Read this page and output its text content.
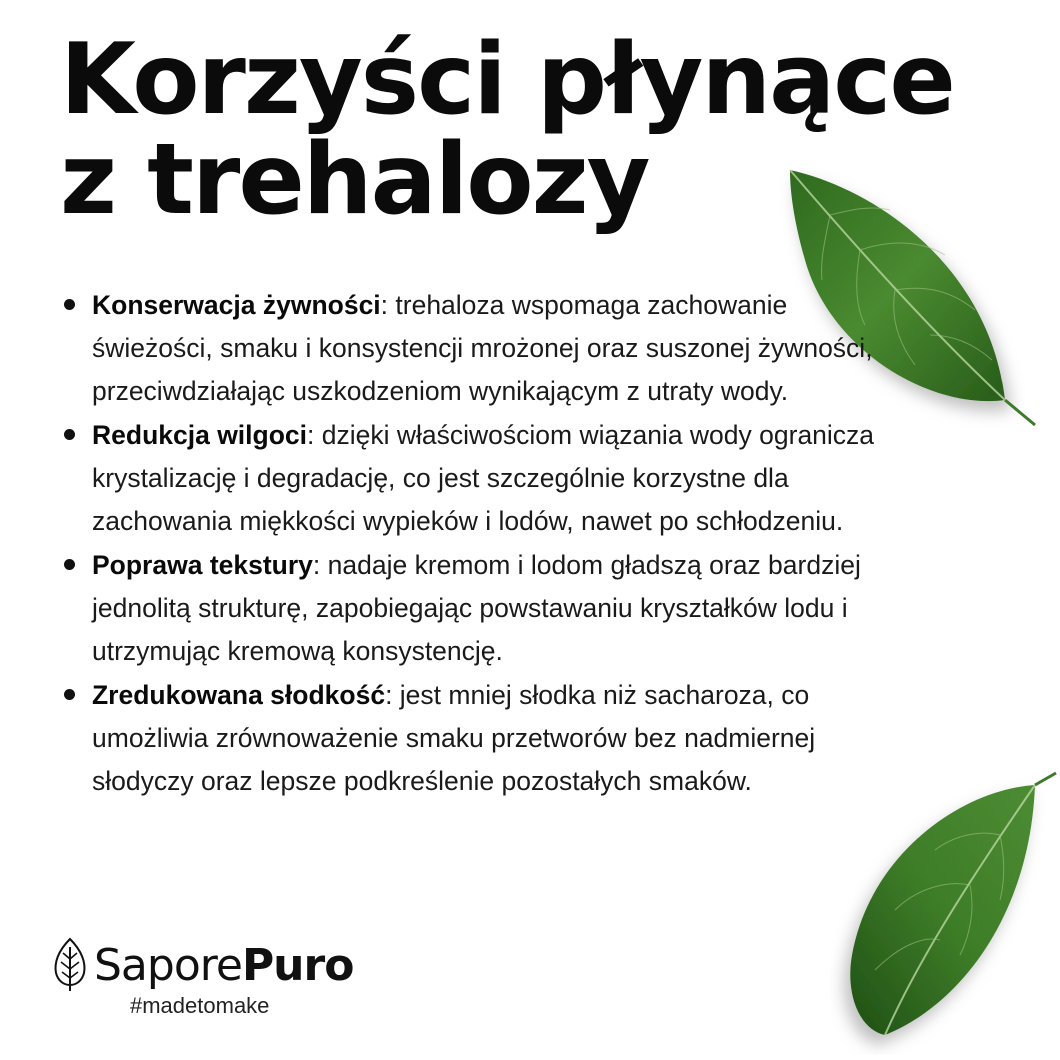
Korzyści płynące
z trehalozy
Konserwacja żywności: trehaloza wspomaga zachowanie świeżości, smaku i konsystencji mrożonej oraz suszonej żywności, przeciwdziałając uszkodzeniom wynikającym z utraty wody.
Redukcja wilgoci: dzięki właściwościom wiązania wody ogranicza krystalizację i degradację, co jest szczególnie korzystne dla zachowania miękkości wypieków i lodów, nawet po schłodzeniu.
Poprawa tekstury: nadaje kremom i lodom gładszą oraz bardziej jednolitą strukturę, zapobiegając powstawaniu kryształków lodu i utrzymując kremową konsystencję.
Zredukowana słodkość: jest mniej słodka niż sacharoza, co umożliwia zrównoważenie smaku przetworów bez nadmiernej słodyczy oraz lepsze podkreślenie pozostałych smaków.
SaporePuro
#madetomake
